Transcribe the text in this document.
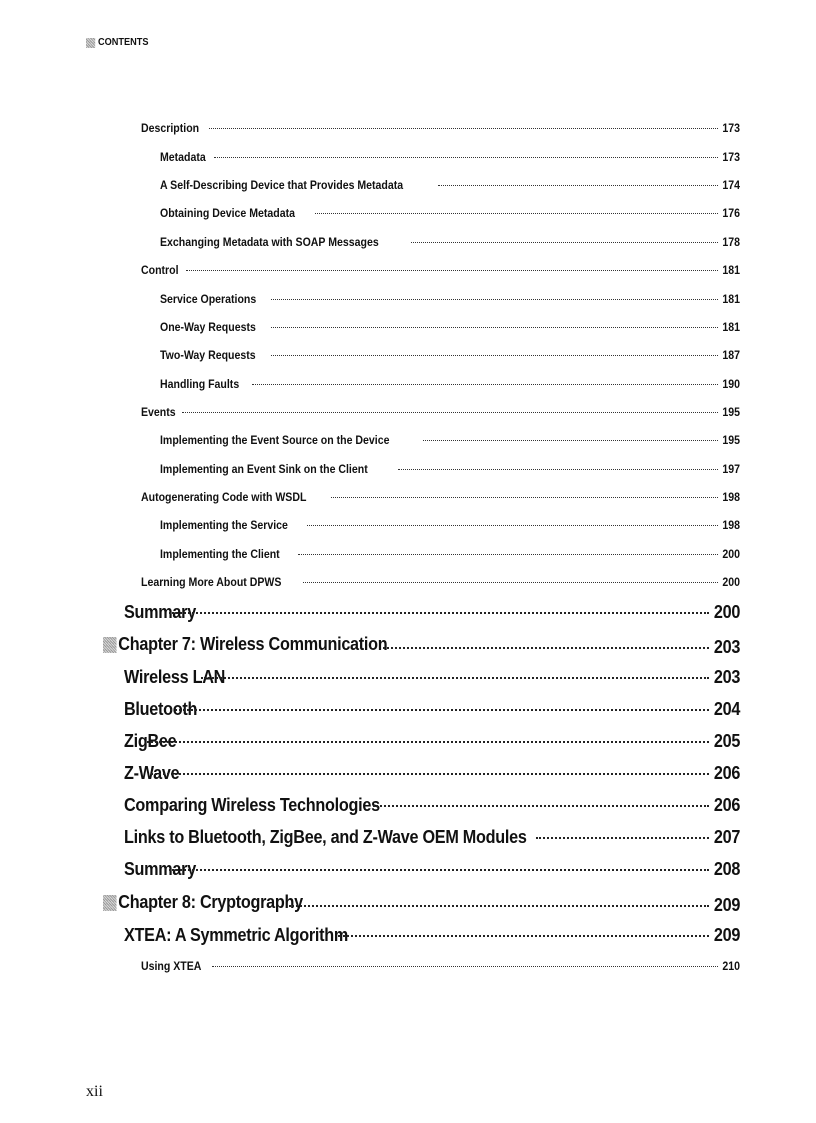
CONTENTS
Description	173
Metadata	173
A Self-Describing Device that Provides Metadata	174
Obtaining Device Metadata	176
Exchanging Metadata with SOAP Messages	178
Control	181
Service Operations	181
One-Way Requests	181
Two-Way Requests	187
Handling Faults	190
Events	195
Implementing the Event Source on the Device	195
Implementing an Event Sink on the Client	197
Autogenerating Code with WSDL	198
Implementing the Service	198
Implementing the Client	200
Learning More About DPWS	200
Summary	200
Chapter 7: Wireless Communication	203
Wireless LAN	203
Bluetooth	204
ZigBee	205
Z-Wave	206
Comparing Wireless Technologies	206
Links to Bluetooth, ZigBee, and Z-Wave OEM Modules	207
Summary	208
Chapter 8: Cryptography	209
XTEA: A Symmetric Algorithm	209
Using XTEA	210
xii
